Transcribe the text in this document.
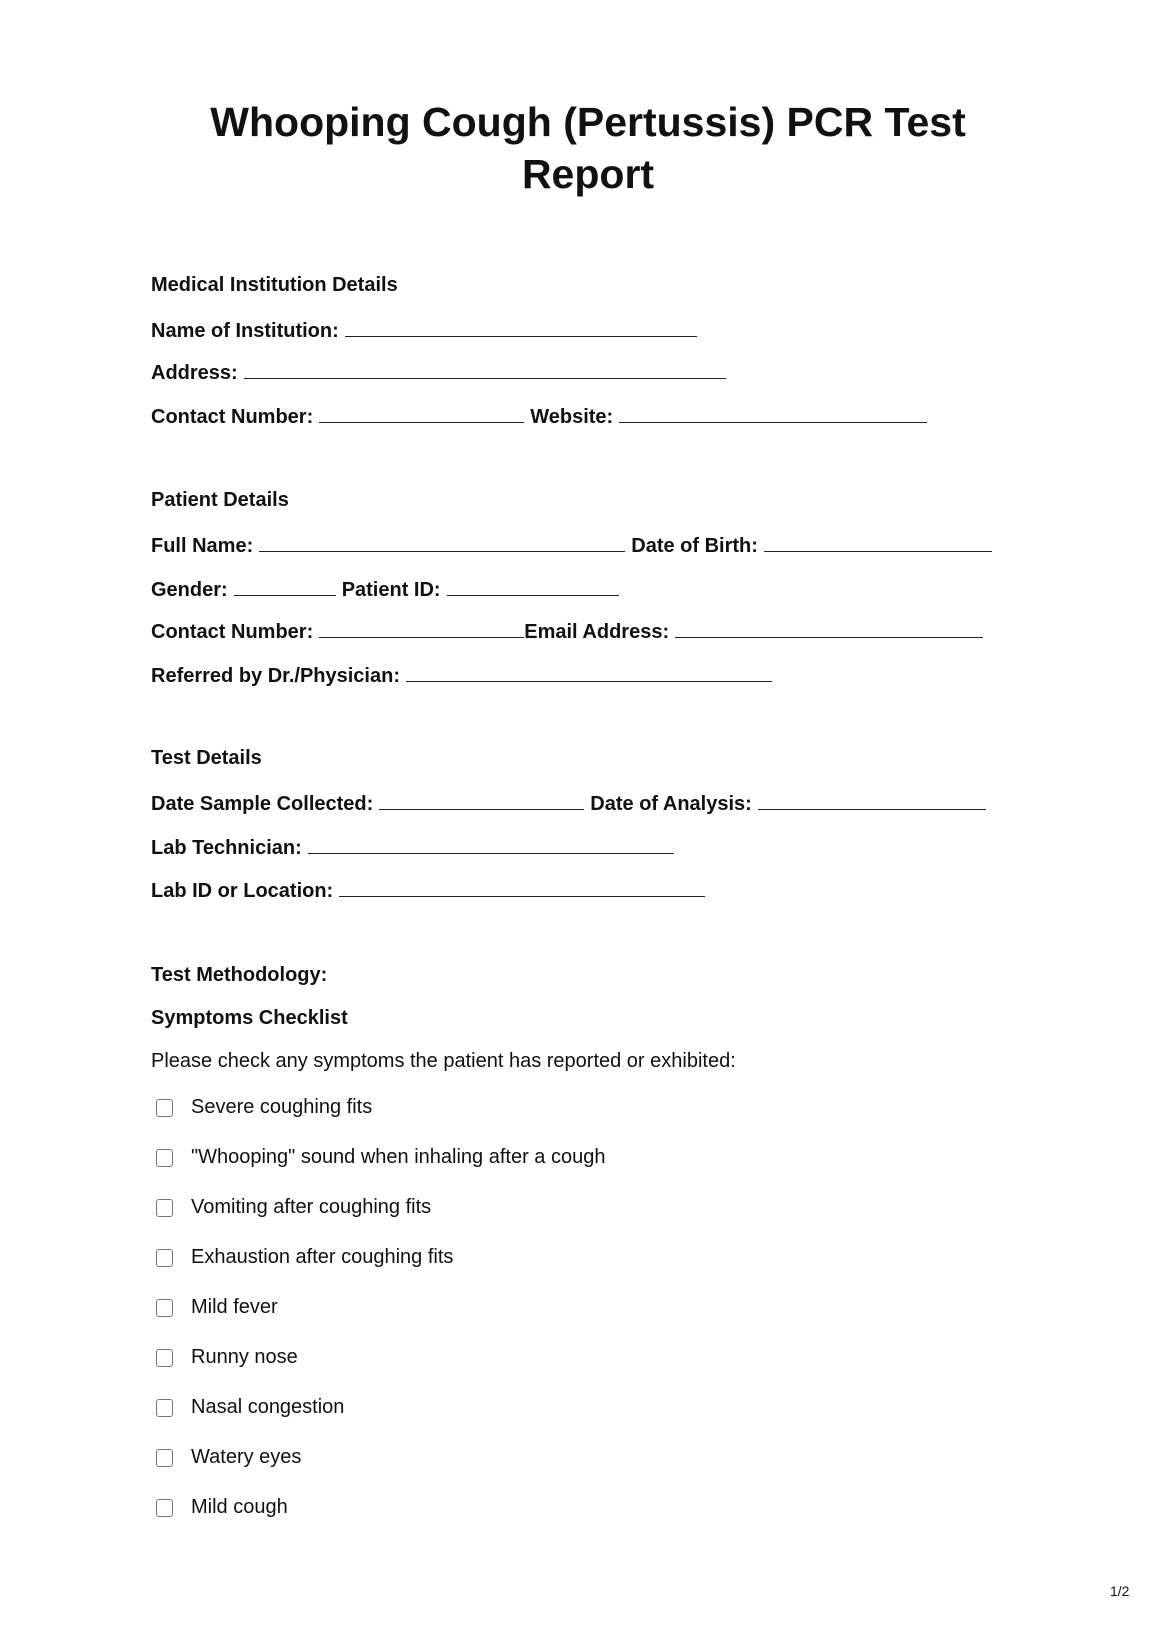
Whooping Cough (Pertussis) PCR Test Report
Medical Institution Details
Name of Institution:
Address:
Contact Number:	Website:
Patient Details
Full Name:	Date of Birth:
Gender:	Patient ID:
Contact Number:	Email Address:
Referred by Dr./Physician:
Test Details
Date Sample Collected:	Date of Analysis:
Lab Technician:
Lab ID or Location:
Test Methodology:
Symptoms Checklist
Please check any symptoms the patient has reported or exhibited:
Severe coughing fits
"Whooping" sound when inhaling after a cough
Vomiting after coughing fits
Exhaustion after coughing fits
Mild fever
Runny nose
Nasal congestion
Watery eyes
Mild cough
1/2
